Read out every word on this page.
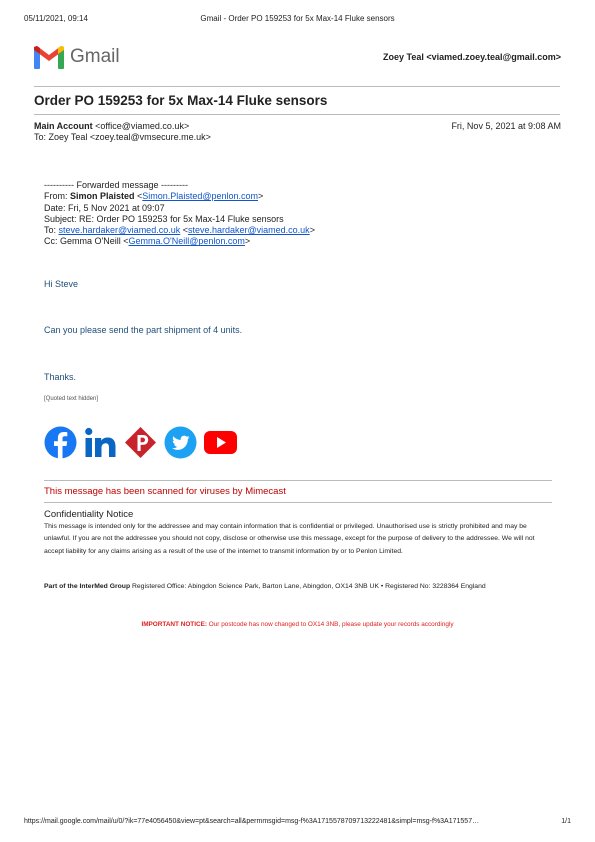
05/11/2021, 09:14	Gmail - Order PO 159253 for 5x Max-14 Fluke sensors
Gmail	Zoey Teal <viamed.zoey.teal@gmail.com>
Order PO 159253 for 5x Max-14 Fluke sensors
Main Account <office@viamed.co.uk>
To: Zoey Teal <zoey.teal@vmsecure.me.uk>
Fri, Nov 5, 2021 at 9:08 AM
---------- Forwarded message ---------
From: Simon Plaisted <Simon.Plaisted@penlon.com>
Date: Fri, 5 Nov 2021 at 09:07
Subject: RE: Order PO 159253 for 5x Max-14 Fluke sensors
To: steve.hardaker@viamed.co.uk <steve.hardaker@viamed.co.uk>
Cc: Gemma O'Neill <Gemma.O'Neill@penlon.com>
Hi Steve
Can you please send the part shipment of 4 units.
Thanks.
[Quoted text hidden]
This message has been scanned for viruses by Mimecast
Confidentiality Notice
This message is intended only for the addressee and may contain information that is confidential or privileged. Unauthorised use is strictly prohibited and may be unlawful. If you are not the addressee you should not copy, disclose or otherwise use this message, except for the purpose of delivery to the addressee. We will not accept liability for any claims arising as a result of the use of the internet to transmit information by or to Penlon Limited.
Part of the InterMed Group Registered Office: Abingdon Science Park, Barton Lane, Abingdon, OX14 3NB UK • Registered No: 3228364 England
IMPORTANT NOTICE: Our postcode has now changed to OX14 3NB, please update your records accordingly
https://mail.google.com/mail/u/0/?ik=77e4056450&view=pt&search=all&permmsgid=msg-f%3A1715578709713222481&simpl=msg-f%3A171557…	1/1
